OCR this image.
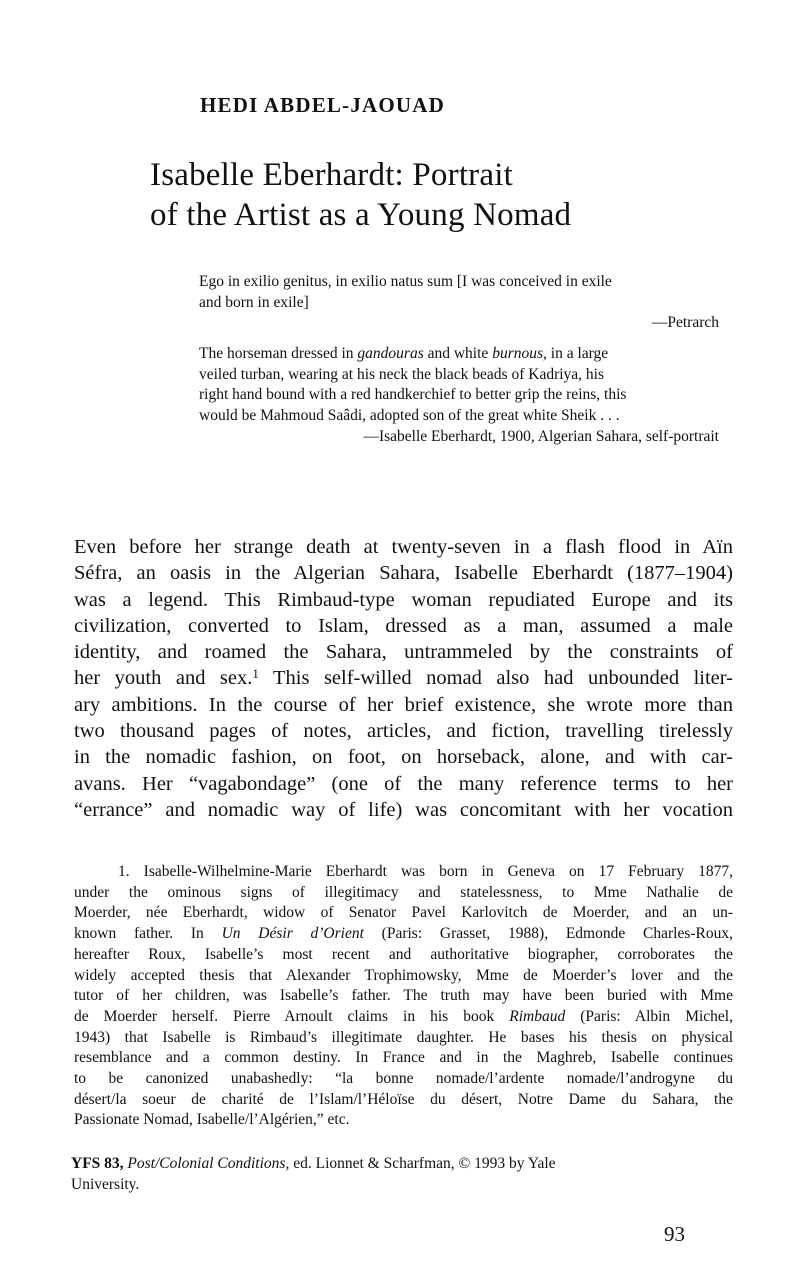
HEDI ABDEL-JAOUAD
Isabelle Eberhardt: Portrait
of the Artist as a Young Nomad
Ego in exilio genitus, in exilio natus sum [I was conceived in exile
and born in exile]
—Petrarch
The horseman dressed in gandouras and white burnous, in a large
veiled turban, wearing at his neck the black beads of Kadriya, his
right hand bound with a red handkerchief to better grip the reins, this
would be Mahmoud Saâdi, adopted son of the great white Sheik . . .
—Isabelle Eberhardt, 1900, Algerian Sahara, self-portrait
Even before her strange death at twenty-seven in a flash flood in Aïn
Séfra, an oasis in the Algerian Sahara, Isabelle Eberhardt (1877–1904)
was a legend. This Rimbaud-type woman repudiated Europe and its
civilization, converted to Islam, dressed as a man, assumed a male
identity, and roamed the Sahara, untrammeled by the constraints of
her youth and sex.$^1$ This self-willed nomad also had unbounded liter-
ary ambitions. In the course of her brief existence, she wrote more than
two thousand pages of notes, articles, and fiction, travelling tirelessly
in the nomadic fashion, on foot, on horseback, alone, and with car-
avans. Her “vagabondage” (one of the many reference terms to her
“errance” and nomadic way of life) was concomitant with her vocation
1. Isabelle-Wilhelmine-Marie Eberhardt was born in Geneva on 17 February 1877,
under the ominous signs of illegitimacy and statelessness, to Mme Nathalie de
Moerder, née Eberhardt, widow of Senator Pavel Karlovitch de Moerder, and an un-
known father. In Un Désir d’Orient (Paris: Grasset, 1988), Edmonde Charles-Roux,
hereafter Roux, Isabelle’s most recent and authoritative biographer, corroborates the
widely accepted thesis that Alexander Trophimowsky, Mme de Moerder’s lover and the
tutor of her children, was Isabelle’s father. The truth may have been buried with Mme
de Moerder herself. Pierre Arnoult claims in his book Rimbaud (Paris: Albin Michel,
1943) that Isabelle is Rimbaud’s illegitimate daughter. He bases his thesis on physical
resemblance and a common destiny. In France and in the Maghreb, Isabelle continues
to be canonized unabashedly: “la bonne nomade/l’ardente nomade/l’androgyne du
désert/la soeur de charité de l’Islam/l’Héloïse du désert, Notre Dame du Sahara, the
Passionate Nomad, Isabelle/l’Algérien,” etc.
YFS 83, Post/Colonial Conditions, ed. Lionnet & Scharfman, © 1993 by Yale
University.

93
